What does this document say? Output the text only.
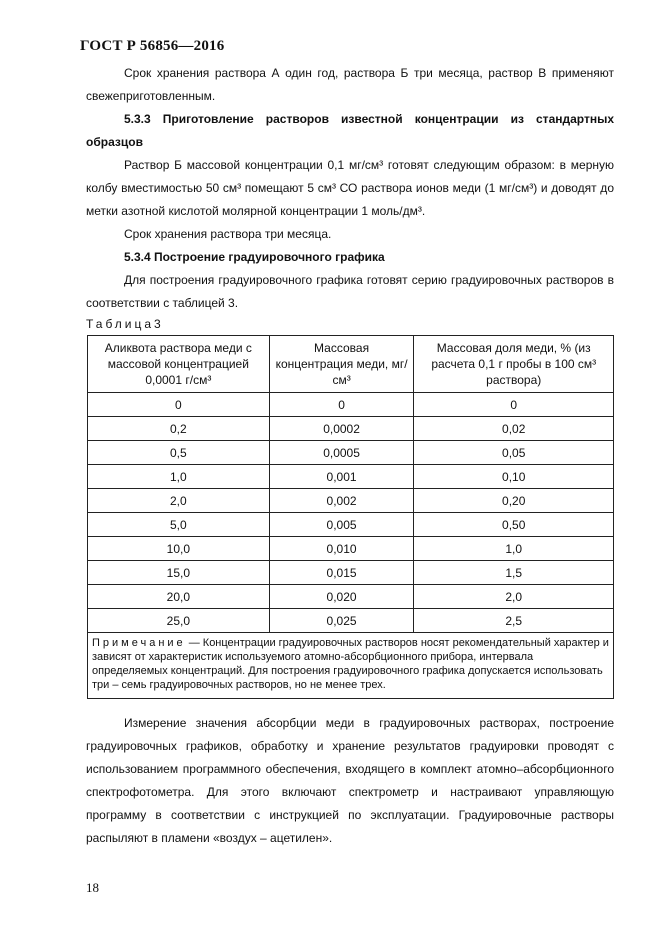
ГОСТ Р 56856—2016
Срок хранения раствора А один год, раствора Б три месяца, раствор В применяют свежеприготовленным.
5.3.3 Приготовление растворов известной концентрации из стандартных образцов
Раствор Б массовой концентрации 0,1 мг/см³ готовят следующим образом: в мерную колбу вместимостью 50 см³ помещают 5 см³ СО раствора ионов меди (1 мг/см³) и доводят до метки азотной кислотой молярной концентрации 1 моль/дм³.
Срок хранения раствора три месяца.
5.3.4 Построение градуировочного графика
Для построения градуировочного графика готовят серию градуировочных растворов в соответствии с таблицей 3.
Таблица3
Аликвота раствора меди с массовой концентрацией 0,0001 г/см³	Массовая концентрация меди, мг/см³	Массовая доля меди, % (из расчета 0,1 г пробы в 100 см³ раствора)
0	0	0
0,2	0,0002	0,02
0,5	0,0005	0,05
1,0	0,001	0,10
2,0	0,002	0,20
5,0	0,005	0,50
10,0	0,010	1,0
15,0	0,015	1,5
20,0	0,020	2,0
25,0	0,025	2,5
Примечание — Концентрации градуировочных растворов носят рекомендательный характер и зависят от характеристик используемого атомно-абсорбционного прибора, интервала определяемых концентраций. Для построения градуировочного графика допускается использовать три – семь градуировочных растворов, но не менее трех.		
Измерение значения абсорбции меди в градуировочных растворах, построение градуировочных графиков, обработку и хранение результатов градуировки проводят с использованием программного обеспечения, входящего в комплект атомно–абсорбционного спектрофотометра. Для этого включают спектрометр и настраивают управляющую программу в соответствии с инструкцией по эксплуатации. Градуировочные растворы распыляют в пламени «воздух – ацетилен».
18
